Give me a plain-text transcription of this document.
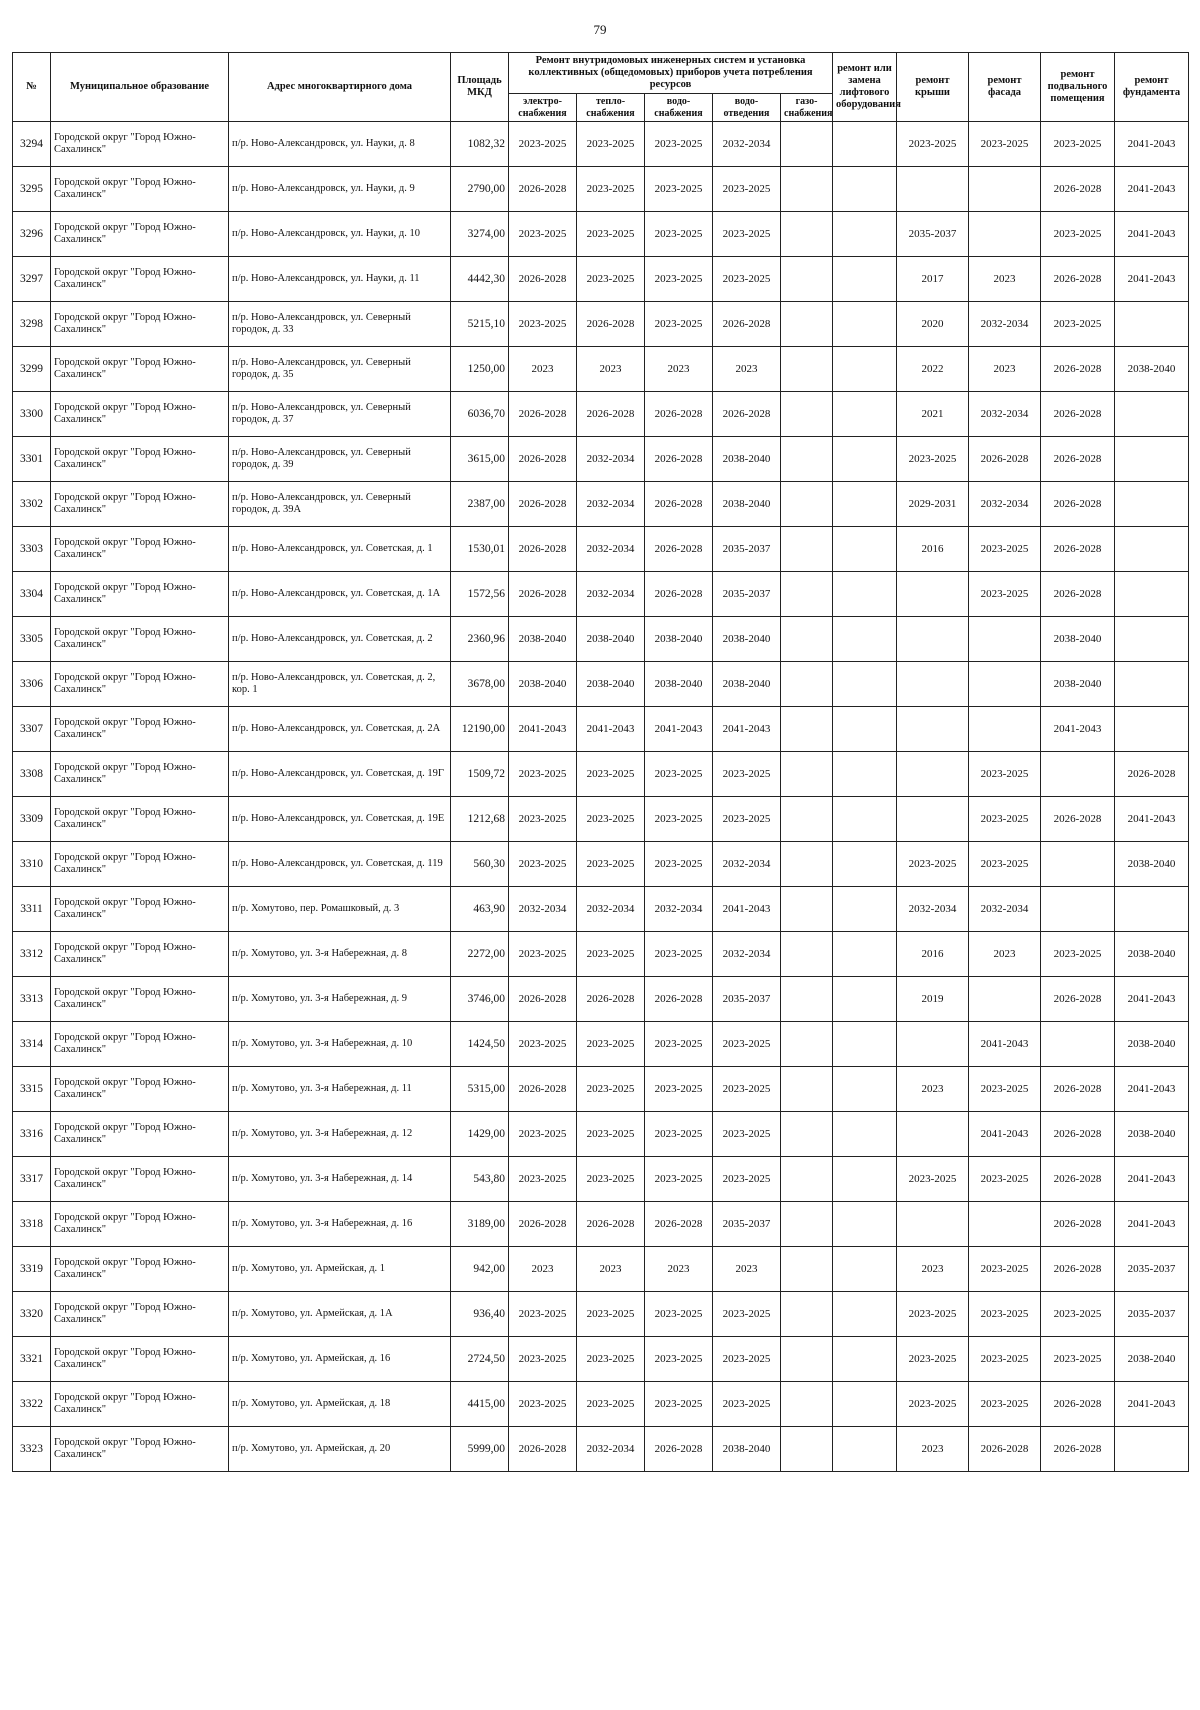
79
№	Муниципальное образование	Адрес многоквартирного дома	Площадь МКД	Ремонт внутридомовых инженерных систем и установка коллективных (общедомовых) приборов учета потребления ресурсов					ремонт или замена лифтового оборудования	ремонт крыши	ремонт фасада	ремонт подвального помещения	ремонт фундамента
				электро-снабжения	тепло-снабжения	водо-снабжения	водо-отведения	газо-снабжения					
3294	Городской округ "Город Южно-Сахалинск"	п/р. Ново-Александровск, ул. Науки, д. 8	1082,32	2023-2025	2023-2025	2023-2025	2032-2034			2023-2025	2023-2025	2023-2025	2041-2043
3295	Городской округ "Город Южно-Сахалинск"	п/р. Ново-Александровск, ул. Науки, д. 9	2790,00	2026-2028	2023-2025	2023-2025	2023-2025					2026-2028	2041-2043
3296	Городской округ "Город Южно-Сахалинск"	п/р. Ново-Александровск, ул. Науки, д. 10	3274,00	2023-2025	2023-2025	2023-2025	2023-2025			2035-2037		2023-2025	2041-2043
3297	Городской округ "Город Южно-Сахалинск"	п/р. Ново-Александровск, ул. Науки, д. 11	4442,30	2026-2028	2023-2025	2023-2025	2023-2025			2017	2023	2026-2028	2041-2043
3298	Городской округ "Город Южно-Сахалинск"	п/р. Ново-Александровск, ул. Северный городок, д. 33	5215,10	2023-2025	2026-2028	2023-2025	2026-2028			2020	2032-2034	2023-2025	
3299	Городской округ "Город Южно-Сахалинск"	п/р. Ново-Александровск, ул. Северный городок, д. 35	1250,00	2023	2023	2023	2023			2022	2023	2026-2028	2038-2040
3300	Городской округ "Город Южно-Сахалинск"	п/р. Ново-Александровск, ул. Северный городок, д. 37	6036,70	2026-2028	2026-2028	2026-2028	2026-2028			2021	2032-2034	2026-2028	
3301	Городской округ "Город Южно-Сахалинск"	п/р. Ново-Александровск, ул. Северный городок, д. 39	3615,00	2026-2028	2032-2034	2026-2028	2038-2040			2023-2025	2026-2028	2026-2028	
3302	Городской округ "Город Южно-Сахалинск"	п/р. Ново-Александровск, ул. Северный городок, д. 39А	2387,00	2026-2028	2032-2034	2026-2028	2038-2040			2029-2031	2032-2034	2026-2028	
3303	Городской округ "Город Южно-Сахалинск"	п/р. Ново-Александровск, ул. Советская, д. 1	1530,01	2026-2028	2032-2034	2026-2028	2035-2037			2016	2023-2025	2026-2028	
3304	Городской округ "Город Южно-Сахалинск"	п/р. Ново-Александровск, ул. Советская, д. 1А	1572,56	2026-2028	2032-2034	2026-2028	2035-2037				2023-2025	2026-2028	
3305	Городской округ "Город Южно-Сахалинск"	п/р. Ново-Александровск, ул. Советская, д. 2	2360,96	2038-2040	2038-2040	2038-2040	2038-2040					2038-2040	
3306	Городской округ "Город Южно-Сахалинск"	п/р. Ново-Александровск, ул. Советская, д. 2, кор. 1	3678,00	2038-2040	2038-2040	2038-2040	2038-2040					2038-2040	
3307	Городской округ "Город Южно-Сахалинск"	п/р. Ново-Александровск, ул. Советская, д. 2А	12190,00	2041-2043	2041-2043	2041-2043	2041-2043					2041-2043	
3308	Городской округ "Город Южно-Сахалинск"	п/р. Ново-Александровск, ул. Советская, д. 19Г	1509,72	2023-2025	2023-2025	2023-2025	2023-2025				2023-2025		2026-2028
3309	Городской округ "Город Южно-Сахалинск"	п/р. Ново-Александровск, ул. Советская, д. 19Е	1212,68	2023-2025	2023-2025	2023-2025	2023-2025				2023-2025	2026-2028	2041-2043
3310	Городской округ "Город Южно-Сахалинск"	п/р. Ново-Александровск, ул. Советская, д. 119	560,30	2023-2025	2023-2025	2023-2025	2032-2034			2023-2025	2023-2025		2038-2040
3311	Городской округ "Город Южно-Сахалинск"	п/р. Хомутово, пер. Ромашковый, д. 3	463,90	2032-2034	2032-2034	2032-2034	2041-2043			2032-2034	2032-2034		
3312	Городской округ "Город Южно-Сахалинск"	п/р. Хомутово, ул. 3-я Набережная, д. 8	2272,00	2023-2025	2023-2025	2023-2025	2032-2034			2016	2023	2023-2025	2038-2040
3313	Городской округ "Город Южно-Сахалинск"	п/р. Хомутово, ул. 3-я Набережная, д. 9	3746,00	2026-2028	2026-2028	2026-2028	2035-2037			2019		2026-2028	2041-2043
3314	Городской округ "Город Южно-Сахалинск"	п/р. Хомутово, ул. 3-я Набережная, д. 10	1424,50	2023-2025	2023-2025	2023-2025	2023-2025				2041-2043		2038-2040
3315	Городской округ "Город Южно-Сахалинск"	п/р. Хомутово, ул. 3-я Набережная, д. 11	5315,00	2026-2028	2023-2025	2023-2025	2023-2025			2023	2023-2025	2026-2028	2041-2043
3316	Городской округ "Город Южно-Сахалинск"	п/р. Хомутово, ул. 3-я Набережная, д. 12	1429,00	2023-2025	2023-2025	2023-2025	2023-2025				2041-2043	2026-2028	2038-2040
3317	Городской округ "Город Южно-Сахалинск"	п/р. Хомутово, ул. 3-я Набережная, д. 14	543,80	2023-2025	2023-2025	2023-2025	2023-2025			2023-2025	2023-2025	2026-2028	2041-2043
3318	Городской округ "Город Южно-Сахалинск"	п/р. Хомутово, ул. 3-я Набережная, д. 16	3189,00	2026-2028	2026-2028	2026-2028	2035-2037					2026-2028	2041-2043
3319	Городской округ "Город Южно-Сахалинск"	п/р. Хомутово, ул. Армейская, д. 1	942,00	2023	2023	2023	2023			2023	2023-2025	2026-2028	2035-2037
3320	Городской округ "Город Южно-Сахалинск"	п/р. Хомутово, ул. Армейская, д. 1А	936,40	2023-2025	2023-2025	2023-2025	2023-2025			2023-2025	2023-2025	2023-2025	2035-2037
3321	Городской округ "Город Южно-Сахалинск"	п/р. Хомутово, ул. Армейская, д. 16	2724,50	2023-2025	2023-2025	2023-2025	2023-2025			2023-2025	2023-2025	2023-2025	2038-2040
3322	Городской округ "Город Южно-Сахалинск"	п/р. Хомутово, ул. Армейская, д. 18	4415,00	2023-2025	2023-2025	2023-2025	2023-2025			2023-2025	2023-2025	2026-2028	2041-2043
3323	Городской округ "Город Южно-Сахалинск"	п/р. Хомутово, ул. Армейская, д. 20	5999,00	2026-2028	2032-2034	2026-2028	2038-2040			2023	2026-2028	2026-2028	
